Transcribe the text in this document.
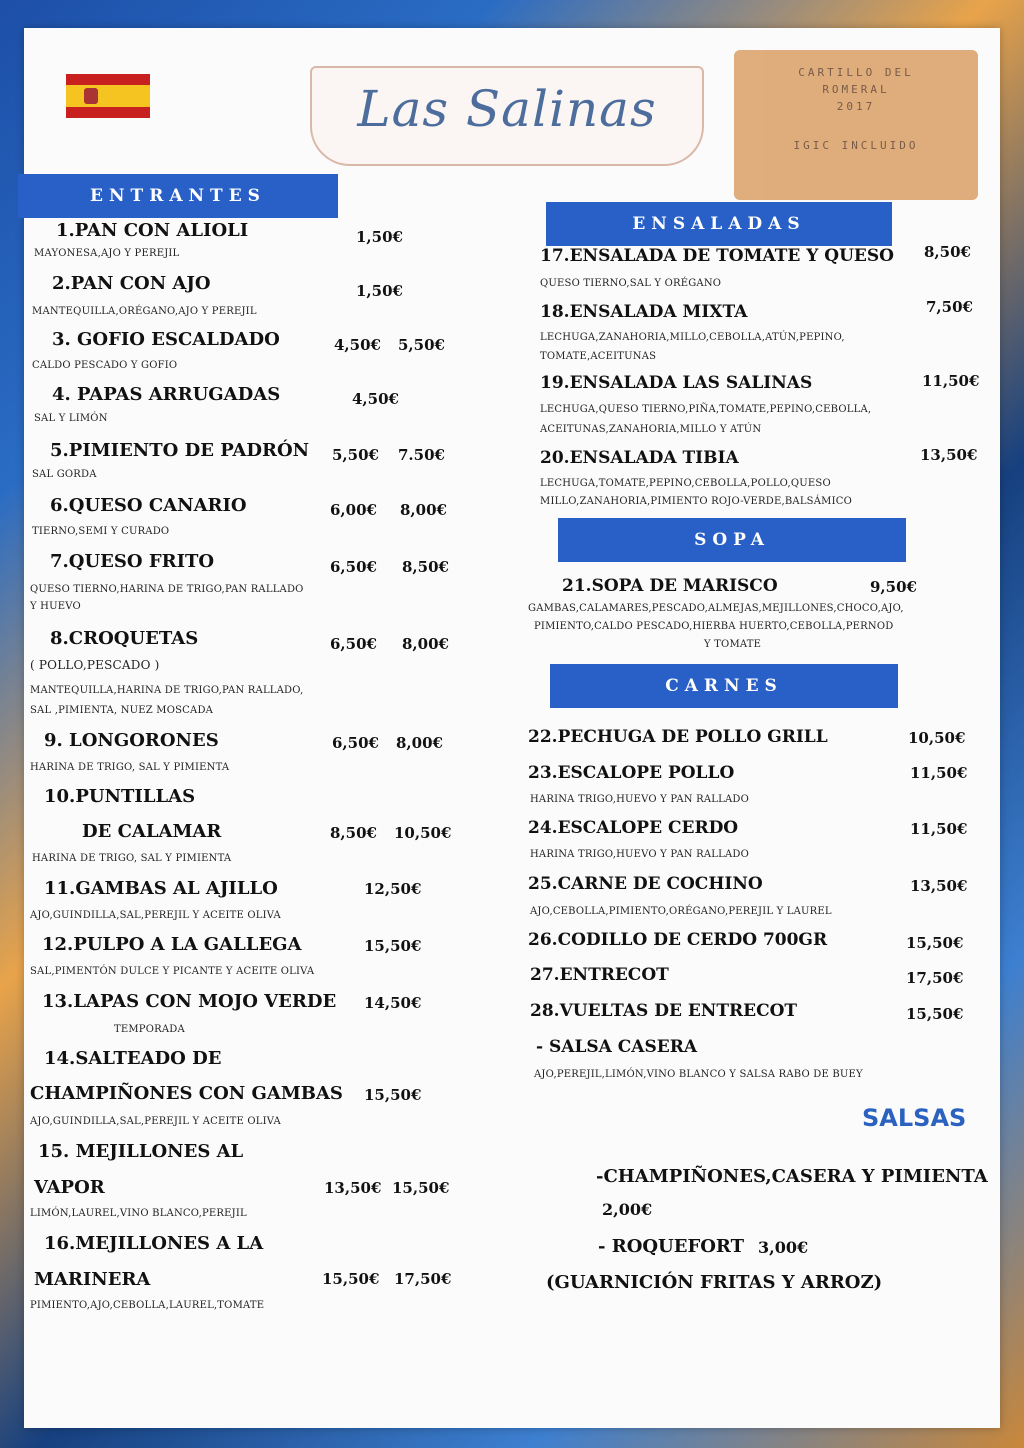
Las Salinas
CARTILLO DEL
ROMERAL
2017
IGIC INCLUIDO
ENTRANTES
ENSALADAS
SOPA
CARNES
1.PAN CON ALIOLI	1,50€
MAYONESA,AJO Y PEREJIL
2.PAN CON AJO	1,50€
MANTEQUILLA,ORÉGANO,AJO Y PEREJIL
3. GOFIO ESCALDADO	4,50€ 5,50€
CALDO PESCADO Y GOFIO
4. PAPAS ARRUGADAS	4,50€
SAL Y LIMÓN
5.PIMIENTO DE PADRÓN 5,50€ 7.50€
SAL GORDA
6.QUESO CANARIO	6,00€ 8,00€
TIERNO,SEMI Y CURADO
7.QUESO FRITO	6,50€ 8,50€
QUESO TIERNO,HARINA DE TRIGO,PAN RALLADO
Y HUEVO
8.CROQUETAS	6,50€ 8,00€
( POLLO,PESCADO )
MANTEQUILLA,HARINA DE TRIGO,PAN RALLADO,
SAL ,PIMIENTA, NUEZ MOSCADA
9. LONGORONES	6,50€ 8,00€
HARINA DE TRIGO, SAL Y PIMIENTA
10.PUNTILLAS
DE CALAMAR	8,50€ 10,50€
HARINA DE TRIGO, SAL Y PIMIENTA
11.GAMBAS AL AJILLO	12,50€
AJO,GUINDILLA,SAL,PEREJIL Y ACEITE OLIVA
12.PULPO A LA GALLEGA	15,50€
SAL,PIMENTÓN DULCE Y PICANTE Y ACEITE OLIVA
13.LAPAS CON MOJO VERDE 14,50€
TEMPORADA
14.SALTEADO DE
CHAMPIÑONES CON GAMBAS 15,50€
AJO,GUINDILLA,SAL,PEREJIL Y ACEITE OLIVA
15. MEJILLONES AL
VAPOR	13,50€ 15,50€
LIMÓN,LAUREL,VINO BLANCO,PEREJIL
16.MEJILLONES A LA
MARINERA	15,50€ 17,50€
PIMIENTO,AJO,CEBOLLA,LAUREL,TOMATE
17.ENSALADA DE TOMATE Y QUESO 8,50€
QUESO TIERNO,SAL Y ORÉGANO
18.ENSALADA MIXTA	7,50€
LECHUGA,ZANAHORIA,MILLO,CEBOLLA,ATÚN,PEPINO,
TOMATE,ACEITUNAS
19.ENSALADA LAS SALINAS	11,50€
LECHUGA,QUESO TIERNO,PIÑA,TOMATE,PEPINO,CEBOLLA,
ACEITUNAS,ZANAHORIA,MILLO Y ATÚN
20.ENSALADA TIBIA	13,50€
LECHUGA,TOMATE,PEPINO,CEBOLLA,POLLO,QUESO
MILLO,ZANAHORIA,PIMIENTO ROJO-VERDE,BALSÁMICO
21.SOPA DE MARISCO	9,50€
GAMBAS,CALAMARES,PESCADO,ALMEJAS,MEJILLONES,CHOCO,AJO,
PIMIENTO,CALDO PESCADO,HIERBA HUERTO,CEBOLLA,PERNOD
Y TOMATE
22.PECHUGA DE POLLO GRILL	10,50€
23.ESCALOPE POLLO	11,50€
HARINA TRIGO,HUEVO Y PAN RALLADO
24.ESCALOPE CERDO	11,50€
HARINA TRIGO,HUEVO Y PAN RALLADO
25.CARNE DE COCHINO	13,50€
AJO,CEBOLLA,PIMIENTO,ORÉGANO,PEREJIL Y LAUREL
26.CODILLO DE CERDO 700GR	15,50€
27.ENTRECOT	17,50€
28.VUELTAS DE ENTRECOT	15,50€
- SALSA CASERA
AJO,PEREJIL,LIMÓN,VINO BLANCO Y SALSA RABO DE BUEY
SALSAS
-CHAMPIÑONES,CASERA Y PIMIENTA
2,00€
- ROQUEFORT 3,00€
(GUARNICIÓN FRITAS Y ARROZ)
